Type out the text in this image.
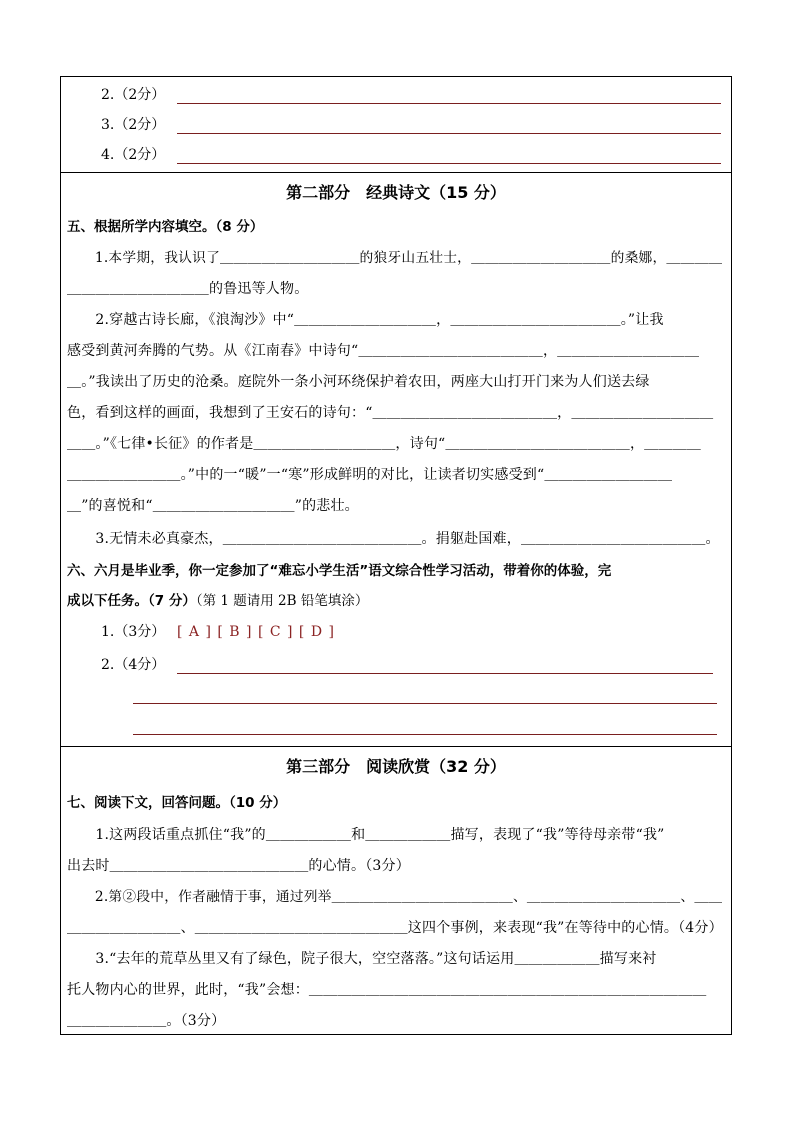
2.（2分）
3.（2分）
4.（2分）
第二部分　经典诗文（15 分）
五、根据所学内容填空。（8 分）
　　1.本学期，我认识了＿＿＿＿＿＿＿＿＿＿的狼牙山五壮士，＿＿＿＿＿＿＿＿＿＿的桑娜，＿＿＿＿
＿＿＿＿＿＿＿＿＿＿的鲁迅等人物。
　　2.穿越古诗长廊，《浪淘沙》中“＿＿＿＿＿＿＿＿＿＿，＿＿＿＿＿＿＿＿＿＿＿＿。”让我
感受到黄河奔腾的气势。从《江南春》中诗句“＿＿＿＿＿＿＿＿＿＿＿＿＿，＿＿＿＿＿＿＿＿＿＿
＿。”我读出了历史的沧桑。庭院外一条小河环绕保护着农田，两座大山打开门来为人们送去绿
色，看到这样的画面，我想到了王安石的诗句：“＿＿＿＿＿＿＿＿＿＿＿＿＿，＿＿＿＿＿＿＿＿＿＿
＿＿。”《七律•长征》的作者是＿＿＿＿＿＿＿＿＿＿，诗句“＿＿＿＿＿＿＿＿＿＿＿＿＿，＿＿＿＿
＿＿＿＿＿＿＿＿。”中的一“暖”一“寒”形成鲜明的对比，让读者切实感受到“＿＿＿＿＿＿＿＿＿
＿”的喜悦和“＿＿＿＿＿＿＿＿＿＿”的悲壮。
　　3.无情未必真豪杰，＿＿＿＿＿＿＿＿＿＿＿＿＿＿。捐躯赴国难，＿＿＿＿＿＿＿＿＿＿＿＿＿。
六、六月是毕业季，你一定参加了“难忘小学生活”语文综合性学习活动，带着你的体验，完
成以下任务。（7 分）（第 1 题请用 2B 铅笔填涂）
1.（3分） [ A ] [ B ] [ C ] [ D ]
2.（4分）
第三部分　阅读欣赏（32 分）
七、阅读下文，回答问题。（10 分）
　　1.这两段话重点抓住“我”的＿＿＿＿＿＿和＿＿＿＿＿＿描写，表现了“我”等待母亲带“我”
出去时＿＿＿＿＿＿＿＿＿＿＿＿＿＿的心情。（3分）
　　2.第②段中，作者融情于事，通过列举＿＿＿＿＿＿＿＿＿＿＿＿＿、＿＿＿＿＿＿＿＿＿＿＿、＿＿
＿＿＿＿＿＿＿＿、＿＿＿＿＿＿＿＿＿＿＿＿＿＿＿这四个事例，来表现“我”在等待中的心情。（4分）
　　3.“去年的荒草丛里又有了绿色，院子很大，空空落落。”这句话运用＿＿＿＿＿＿描写来衬
托人物内心的世界，此时，“我”会想：＿＿＿＿＿＿＿＿＿＿＿＿＿＿＿＿＿＿＿＿＿＿＿＿＿＿＿＿
＿＿＿＿＿＿＿。（3分）
